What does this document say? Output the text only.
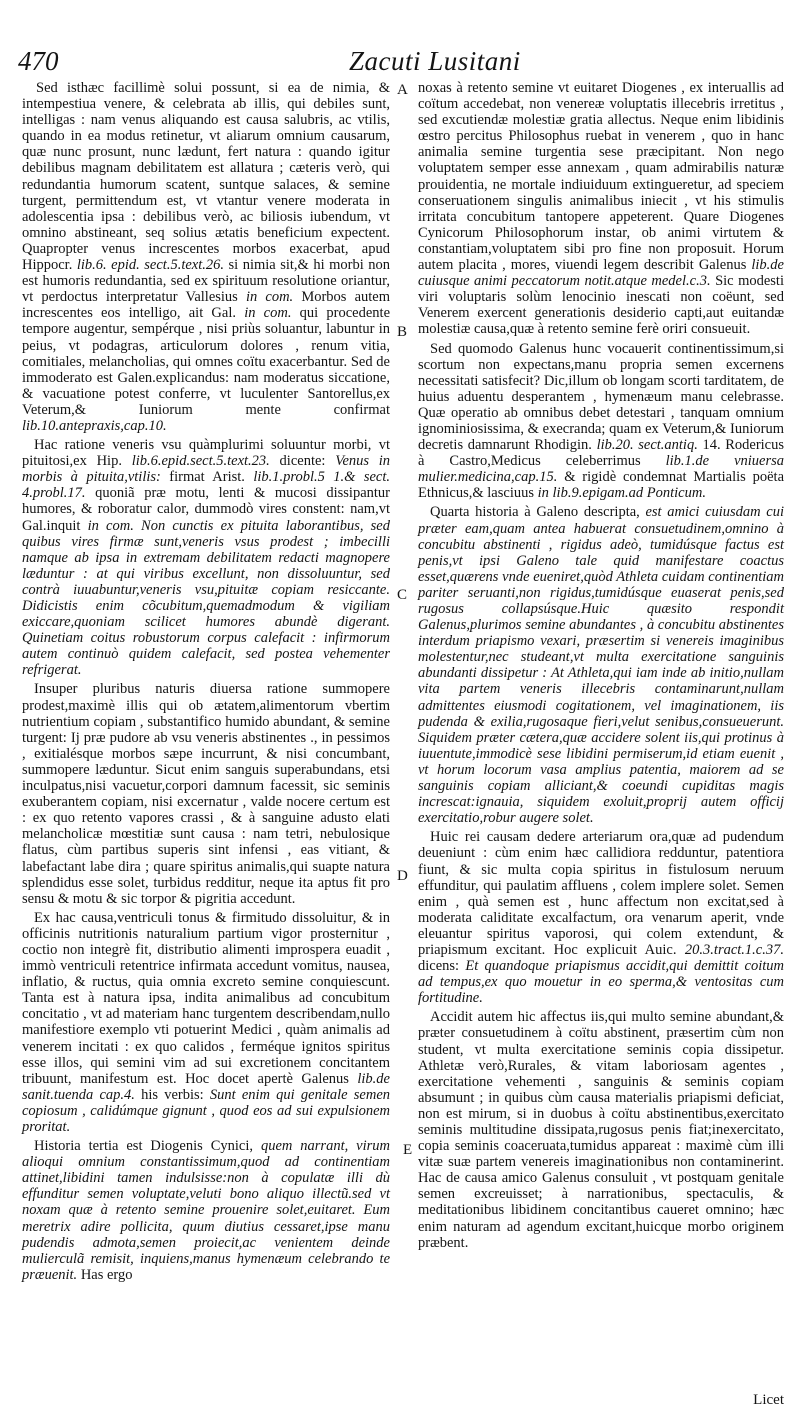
470	Zacuti Lusitani
A
B
C
D
E

Sed isthæc facillimè solui possunt, si ea de nimia, & intempestiua venere, & celebrata ab illis, qui debiles sunt, intelligas : nam venus aliquando est causa salubris, ac vtilis, quando in ea modus retinetur, vt aliarum omnium causarum, quæ nunc prosunt, nunc lædunt, fert natura : quando igitur debilibus magnam debilitatem est allatura ; cæteris verò, qui redundantia humorum scatent, suntque salaces, & semine turgent, permittendum est, vt vtantur venere moderata in adolescentia ipsa : debilibus verò, ac biliosis iubendum, vt omnino abstineant, seq solius ætatis beneficium expectent. Quapropter venus increscentes morbos exacerbat, apud Hippocr. lib.6. epid. sect.5.text.26. si nimia sit,& hi morbi non est humoris redundantia, sed ex spirituum resolutione oriantur, vt perdoctus interpretatur Vallesius in com. Morbos autem increscentes eos intelligo, ait Gal. in com. qui procedente tempore augentur, sempérque , nisi priùs soluantur, labuntur in peius, vt podagras, articulorum dolores , renum vitia, comitiales, melancholias, qui omnes coïtu exacerbantur. Sed de immoderato est Galen.explicandus: nam moderatus siccatione, & vacuatione potest conferre, vt luculenter Santorellus,ex Veterum,& Iuniorum mente confirmat lib.10.antepraxis,cap.10.

Hac ratione veneris vsu quàmplurimi soluuntur morbi, vt pituitosi,ex Hip. lib.6.epid.sect.5.text.23. dicente: Venus in morbis à pituita,vtilis: firmat Arist. lib.1.probl.5 1.& sect. 4.probl.17. quoniã præ motu, lenti & mucosi dissipantur humores, & roboratur calor, dummodò vires constent: nam,vt Gal.inquit in com. Non cunctis ex pituita laborantibus, sed quibus vires firmæ sunt,veneris vsus prodest ; imbecilli namque ab ipsa in extremam debilitatem redacti magnopere læduntur : at qui viribus excellunt, non dissoluuntur, sed contrà iuuabuntur,veneris vsu,pituitæ copiam resiccante. Didicistis enim cõcubitum,quemadmodum & vigiliam exiccare,quoniam scilicet humores abundè digerant. Quinetiam coitus robustorum corpus calefacit : infirmorum autem continuò quidem calefacit, sed postea vehementer refrigerat.

Insuper pluribus naturis diuersa ratione summopere prodest,maximè illis qui ob ætatem,alimentorum vbertim nutrientium copiam , substantifico humido abundant, & semine turgent: Ij præ pudore ab vsu veneris abstinentes ., in pessimos , exitialésque morbos sæpe incurrunt, & nisi concumbant, summopere læduntur. Sicut enim sanguis superabundans, etsi inculpatus,nisi vacuetur,corpori damnum facessit, sic seminis exuberantem copiam, nisi excernatur , valde nocere certum est : ex quo retento vapores crassi , & à sanguine adusto elati melancholicæ mœstitiæ sunt causa : nam tetri, nebulosique flatus, cùm partibus superis sint infensi , eas vitiant, & labefactant labe dira ; quare spiritus animalis,qui suapte natura splendidus esse solet, turbidus redditur, neque ita aptus fit pro sensu & motu & sic torpor & pigritia accedunt.

Ex hac causa,ventriculi tonus & firmitudo dissoluitur, & in officinis nutritionis naturalium partium vigor prosternitur , coctio non integrè fit, distributio alimenti improspera euadit , immò ventriculi retentrice infirmata accedunt vomitus, nausea, inflatio, & ructus, quia omnia excreto semine conquiescunt. Tanta est à natura ipsa, indita animalibus ad concubitum concitatio , vt ad materiam hanc turgentem describendam,nullo manifestiore exemplo vti potuerint Medici , quàm animalis ad venerem incitati : ex quo calidos , ferméque ignitos spiritus esse illos, qui semini vim ad sui excretionem concitantem tribuunt, manifestum est. Hoc docet apertè Galenus lib.de sanit.tuenda cap.4. his verbis: Sunt enim qui genitale semen copiosum , calidúmque gignunt , quod eos ad sui expulsionem proritat.

Historia tertia est Diogenis Cynici, quem narrant, virum alioqui omnium constantissimum,quod ad continentiam attinet,libidini tamen indulsisse:non à copulatæ illi dù effunditur semen voluptate,veluti bono aliquo illectũ.sed vt noxam quæ à retento semine prouenire solet,euitaret. Eum meretrix adire pollicita, quum diutius cessaret,ipse manu pudendis admota,semen proiecit,ac venientem deinde mulierculã remisit, inquiens,manus hymenæum celebrando te præuenit. Has ergo

noxas à retento semine vt euitaret Diogenes , ex interuallis ad coïtum accedebat, non venereæ voluptatis illecebris irretitus , sed excutiendæ molestiæ gratia allectus. Neque enim libidinis œstro percitus Philosophus ruebat in venerem , quo in hanc animalia semine turgentia sese præcipitant. Non nego voluptatem semper esse annexam , quam admirabilis naturæ prouidentia, ne mortale indiuiduum extingueretur, ad speciem conseruationem singulis animalibus iniecit , vt his stimulis irritata concubitum tantopere appeterent. Quare Diogenes Cynicorum Philosophorum instar, ob animi virtutem & constantiam,voluptatem sibi pro fine non proposuit. Horum autem placita , mores, viuendi legem describit Galenus lib.de cuiusque animi peccatorum notit.atque medel.c.3. Sic modesti viri voluptaris solùm lenocinio inescati non coëunt, sed Venerem exercent generationis desiderio capti,aut euitandæ molestiæ causa,quæ à retento semine ferè oriri consueuit.

Sed quomodo Galenus hunc vocauerit continentissimum,si scortum non expectans,manu propria semen excernens necessitati satisfecit? Dic,illum ob longam scorti tarditatem, de huius aduentu desperantem , hymenæum manu celebrasse. Quæ operatio ab omnibus debet detestari , tanquam omnium ignominiosissima, & execranda; quam ex Veterum,& Iuniorum decretis damnarunt Rhodigin. lib.20. sect.antiq. 14. Rodericus à Castro,Medicus celeberrimus lib.1.de vniuersa mulier.medicina,cap.15. & rigidè condemnat Martialis poëta Ethnicus,& lasciuus in lib.9.epigam.ad Ponticum.

Quarta historia à Galeno descripta, est amici cuiusdam cui præter eam,quam antea habuerat consuetudinem,omnino à concubitu abstinenti , rigidus adeò, tumidúsque factus est penis,vt ipsi Galeno tale quid manifestare coactus esset,quærens vnde eueniret,quòd Athleta cuidam continentiam pariter seruanti,non rigidus,tumidúsque euaserat penis,sed rugosus collapsúsque.Huic quæsito respondit Galenus,plurimos semine abundantes , à concubitu abstinentes interdum priapismo vexari, præsertim si venereis imaginibus molestentur,nec studeant,vt multa exercitatione sanguinis abundanti dissipetur : At Athleta,qui iam inde ab initio,nullam vita partem veneris illecebris contaminarunt,nullam admittentes eiusmodi cogitationem, vel imaginationem, iis pudenda & exilia,rugosaque fieri,velut senibus,consueuerunt. Siquidem præter cætera,quæ accidere solent iis,qui protinus à iuuentute,immodicè sese libidini permiserum,id etiam euenit , vt horum locorum vasa amplius patentia, maiorem ad se sanguinis copiam alliciant,& coeundi cupiditas magis increscat:ignauia, siquidem exoluit,proprij autem officij exercitatio,robur augere solet.

Huic rei causam dedere arteriarum ora,quæ ad pudendum deueniunt : cùm enim hæc callidiora redduntur, patentiora fiunt, & sic multa copia spiritus in fistulosum neruum effunditur, qui paulatim affluens , colem implere solet. Semen enim , quà semen est , hunc affectum non excitat,sed à moderata caliditate excalfactum, ora venarum aperit, vnde eleuantur spiritus vaporosi, qui colem extendunt, & priapismum excitant. Hoc explicuit Auic. 20.3.tract.1.c.37. dicens: Et quandoque priapismus accidit,qui demittit coitum ad tempus,ex quo mouetur in eo sperma,& ventositas cum fortitudine.

Accidit autem hic affectus iis,qui multo semine abundant,& præter consuetudinem à coïtu abstinent, præsertim cùm non student, vt multa exercitatione seminis copia dissipetur. Athletæ verò,Rurales, & vitam laboriosam agentes , exercitatione vehementi , sanguinis & seminis copiam absumunt ; in quibus cùm causa materialis priapismi deficiat, non est mirum, si in duobus à coïtu abstinentibus,exercitato seminis multitudine dissipata,rugosus penis fiat;inexercitato, copia seminis coaceruata,tumidus appareat : maximè cùm illi vitæ suæ partem venereis imaginationibus non contaminerint. Hac de causa amico Galenus consuluit , vt postquam genitale semen excreuisset; à narrationibus, spectaculis, & meditationibus libidinem concitantibus caueret omnino; hæc enim naturam ad agendum excitant,huicque morbo originem præbent.

Licet
